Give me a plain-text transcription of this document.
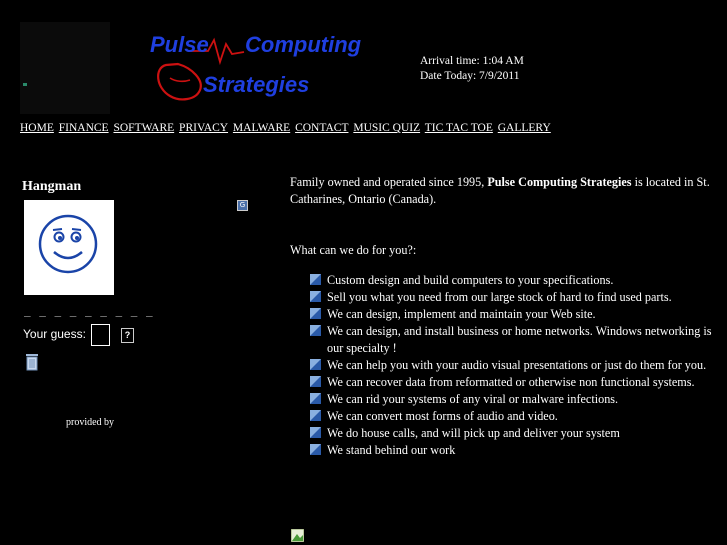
Pulse Computing
Strategies
Arrival time: 1:04 AM
Date Today: 7/9/2011
HOME FINANCE SOFTWARE PRIVACY MALWARE CONTACT MUSIC QUIZ TIC TAC TOE GALLERY
Hangman
G
_ _ _ _ _ _ _ _ _
Your guess:	?
provided by
Family owned and operated since 1995, Pulse Computing Strategies is located in St. Catharines, Ontario (Canada).
What can we do for you?:
Custom design and build computers to your specifications.
Sell you what you need from our large stock of hard to find used parts.
We can design, implement and maintain your Web site.
We can design, and install business or home networks. Windows networking is our specialty !
We can help you with your audio visual presentations or just do them for you.
We can recover data from reformatted or otherwise non functional systems.
We can rid your systems of any viral or malware infections.
We can convert most forms of audio and video.
We do house calls, and will pick up and deliver your system
We stand behind our work
